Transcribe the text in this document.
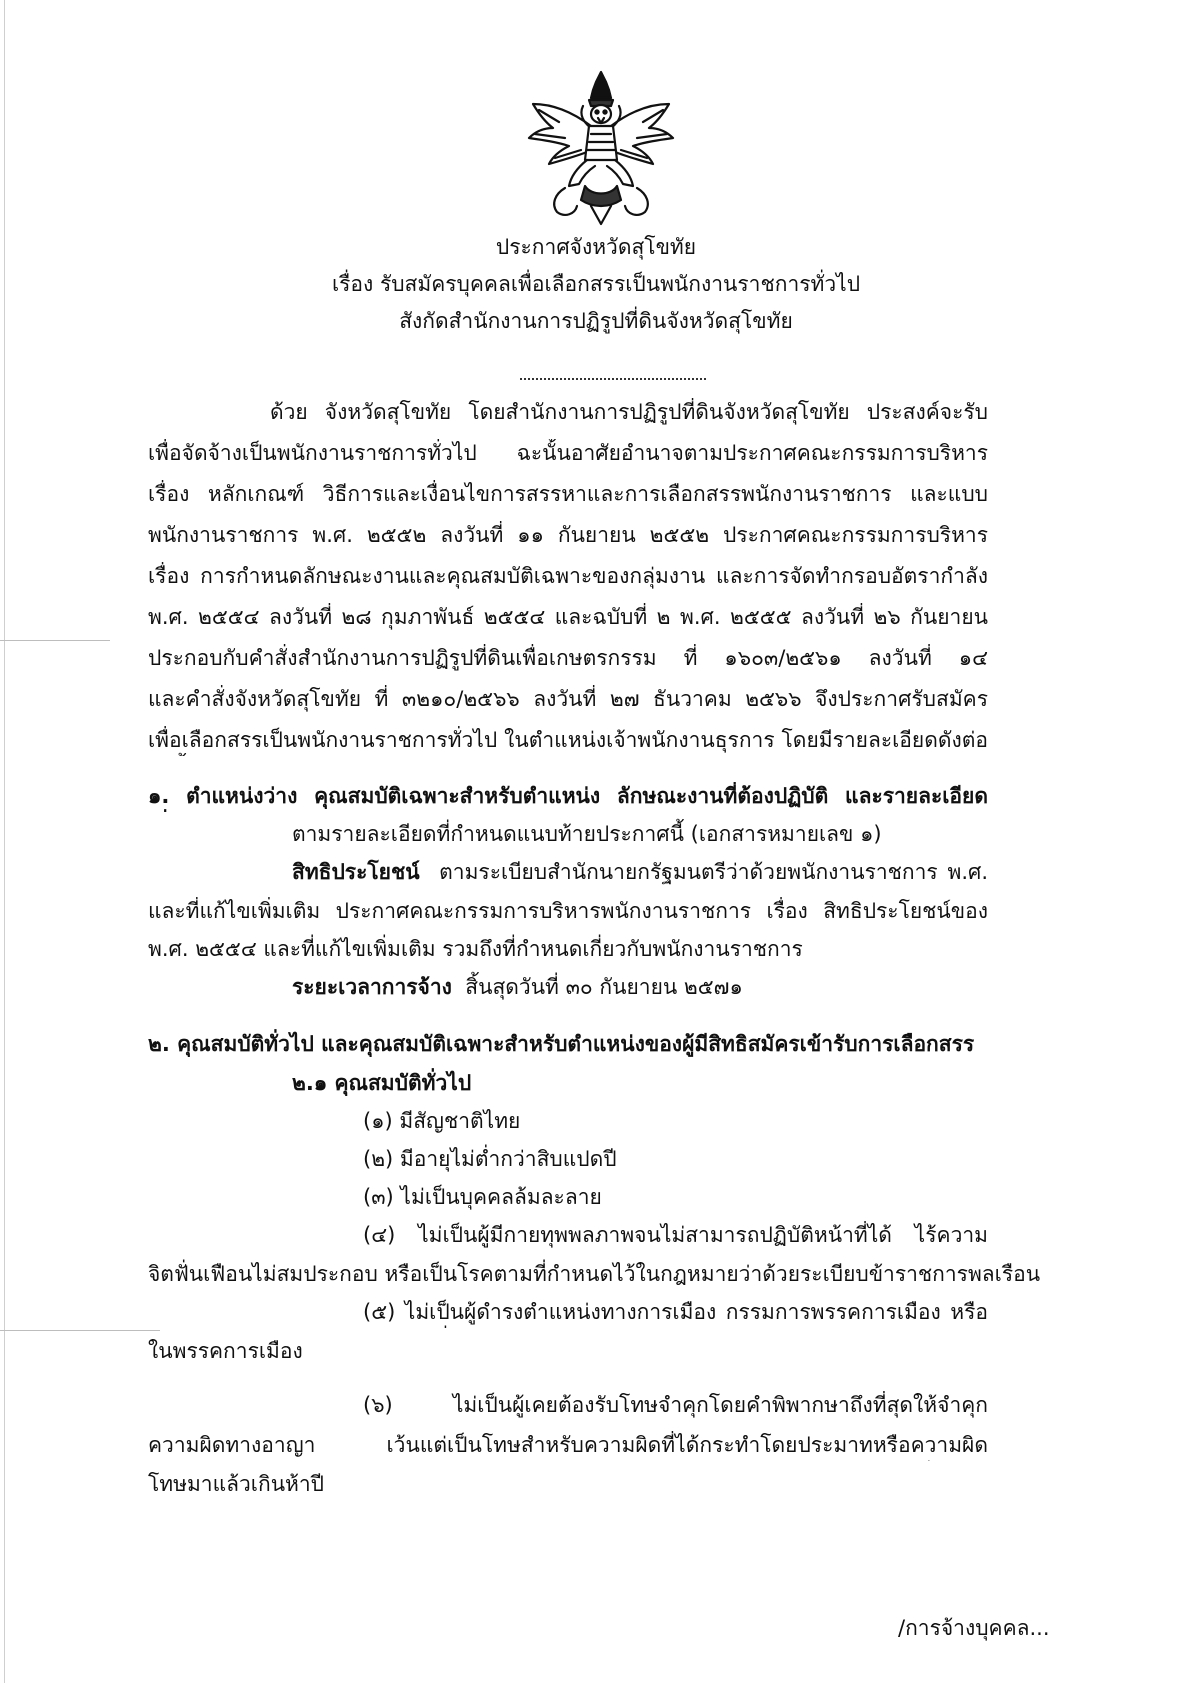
ประกาศจังหวัดสุโขทัย
เรื่อง รับสมัครบุคคลเพื่อเลือกสรรเป็นพนักงานราชการทั่วไป
สังกัดสำนักงานการปฏิรูปที่ดินจังหวัดสุโขทัย
ด้วย จังหวัดสุโขทัย โดยสำนักงานการปฏิรูปที่ดินจังหวัดสุโขทัย ประสงค์จะรับ
เพื่อจัดจ้างเป็นพนักงานราชการทั่วไป ฉะนั้นอาศัยอำนาจตามประกาศคณะกรรมการบริหาร
เรื่อง หลักเกณฑ์ วิธีการและเงื่อนไขการสรรหาและการเลือกสรรพนักงานราชการ และแบบ
พนักงานราชการ พ.ศ. ๒๕๕๒ ลงวันที่ ๑๑ กันยายน ๒๕๕๒ ประกาศคณะกรรมการบริหาร
เรื่อง การกำหนดลักษณะงานและคุณสมบัติเฉพาะของกลุ่มงาน และการจัดทำกรอบอัตรากำลัง
พ.ศ. ๒๕๕๔ ลงวันที่ ๒๘ กุมภาพันธ์ ๒๕๕๔ และฉบับที่ ๒ พ.ศ. ๒๕๕๕ ลงวันที่ ๒๖ กันยายน
ประกอบกับคำสั่งสำนักงานการปฏิรูปที่ดินเพื่อเกษตรกรรม ที่ ๑๖๐๓/๒๕๖๑ ลงวันที่ ๑๔
และคำสั่งจังหวัดสุโขทัย ที่ ๓๒๑๐/๒๕๖๖ ลงวันที่ ๒๗ ธันวาคม ๒๕๖๖ จึงประกาศรับสมัคร
เพื่อเลือกสรรเป็นพนักงานราชการทั่วไป ในตำแหน่งเจ้าพนักงานธุรการ โดยมีรายละเอียดดังต่อ
๑. ตำแหน่งว่าง คุณสมบัติเฉพาะสำหรับตำแหน่ง ลักษณะงานที่ต้องปฏิบัติ และรายละเอียด
ตามรายละเอียดที่กำหนดแนบท้ายประกาศนี้ (เอกสารหมายเลข ๑)
สิทธิประโยชน์ ตามระเบียบสำนักนายกรัฐมนตรีว่าด้วยพนักงานราชการ พ.ศ.
และที่แก้ไขเพิ่มเติม ประกาศคณะกรรมการบริหารพนักงานราชการ เรื่อง สิทธิประโยชน์ของ
พ.ศ. ๒๕๕๔ และที่แก้ไขเพิ่มเติม รวมถึงที่กำหนดเกี่ยวกับพนักงานราชการ
ระยะเวลาการจ้าง สิ้นสุดวันที่ ๓๐ กันยายน ๒๕๗๑
๒. คุณสมบัติทั่วไป และคุณสมบัติเฉพาะสำหรับตำแหน่งของผู้มีสิทธิสมัครเข้ารับการเลือกสรร
๒.๑ คุณสมบัติทั่วไป
(๑) มีสัญชาติไทย
(๒) มีอายุไม่ต่ำกว่าสิบแปดปี
(๓) ไม่เป็นบุคคลล้มละลาย
(๔) ไม่เป็นผู้มีกายทุพพลภาพจนไม่สามารถปฏิบัติหน้าที่ได้ ไร้ความ
จิตฟั่นเฟือนไม่สมประกอบ หรือเป็นโรคตามที่กำหนดไว้ในกฎหมายว่าด้วยระเบียบข้าราชการพลเรือน
(๕) ไม่เป็นผู้ดำรงตำแหน่งทางการเมือง กรรมการพรรคการเมือง หรือ
ในพรรคการเมือง
(๖) ไม่เป็นผู้เคยต้องรับโทษจำคุกโดยคำพิพากษาถึงที่สุดให้จำคุก
ความผิดทางอาญา เว้นแต่เป็นโทษสำหรับความผิดที่ได้กระทำโดยประมาทหรือความผิด
โทษมาแล้วเกินห้าปี
/การจ้างบุคคล...
